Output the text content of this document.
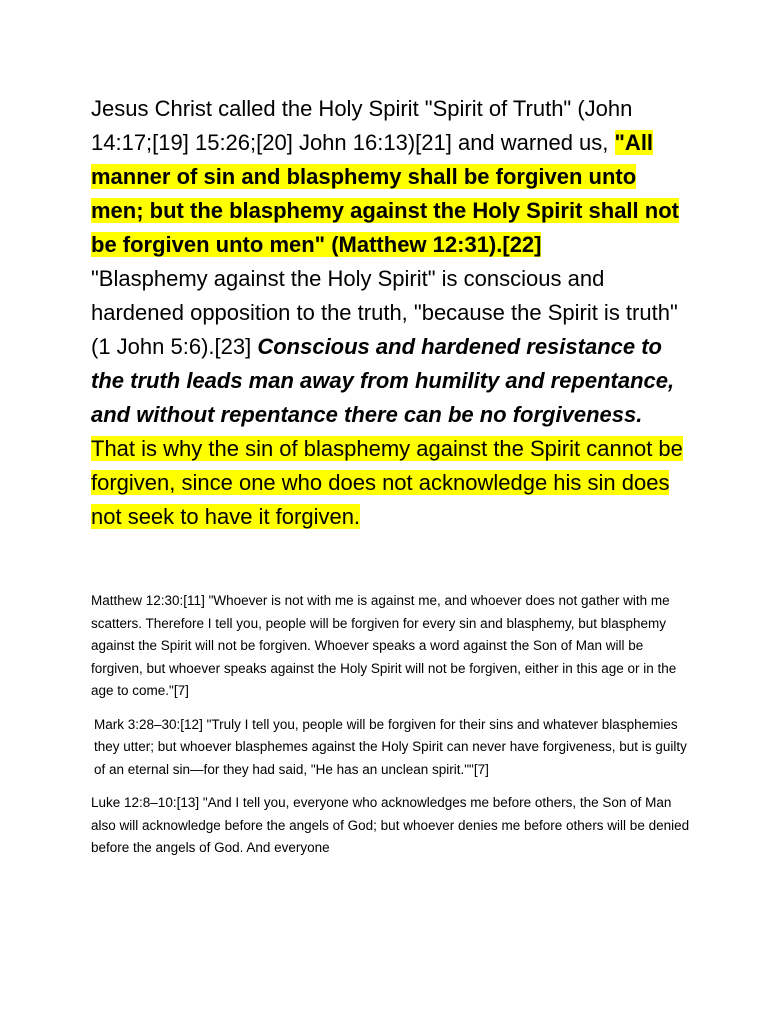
Jesus Christ called the Holy Spirit "Spirit of Truth" (John 14:17;[19] 15:26;[20] John 16:13)[21] and warned us, "All manner of sin and blasphemy shall be forgiven unto men; but the blasphemy against the Holy Spirit shall not be forgiven unto men" (Matthew 12:31).[22]
"Blasphemy against the Holy Spirit" is conscious and hardened opposition to the truth, "because the Spirit is truth" (1 John 5:6).[23] Conscious and hardened resistance to the truth leads man away from humility and repentance, and without repentance there can be no forgiveness. That is why the sin of blasphemy against the Spirit cannot be forgiven, since one who does not acknowledge his sin does not seek to have it forgiven.

Matthew 12:30:[11] "Whoever is not with me is against me, and whoever does not gather with me scatters. Therefore I tell you, people will be forgiven for every sin and blasphemy, but blasphemy against the Spirit will not be forgiven. Whoever speaks a word against the Son of Man will be forgiven, but whoever speaks against the Holy Spirit will not be forgiven, either in this age or in the age to come."[7]

Mark 3:28–30:[12] "Truly I tell you, people will be forgiven for their sins and whatever blasphemies they utter; but whoever blasphemes against the Holy Spirit can never have forgiveness, but is guilty of an eternal sin—for they had said, "He has an unclean spirit.""[7]

Luke 12:8–10:[13] "And I tell you, everyone who acknowledges me before others, the Son of Man also will acknowledge before the angels of God; but whoever denies me before others will be denied before the angels of God. And everyone
